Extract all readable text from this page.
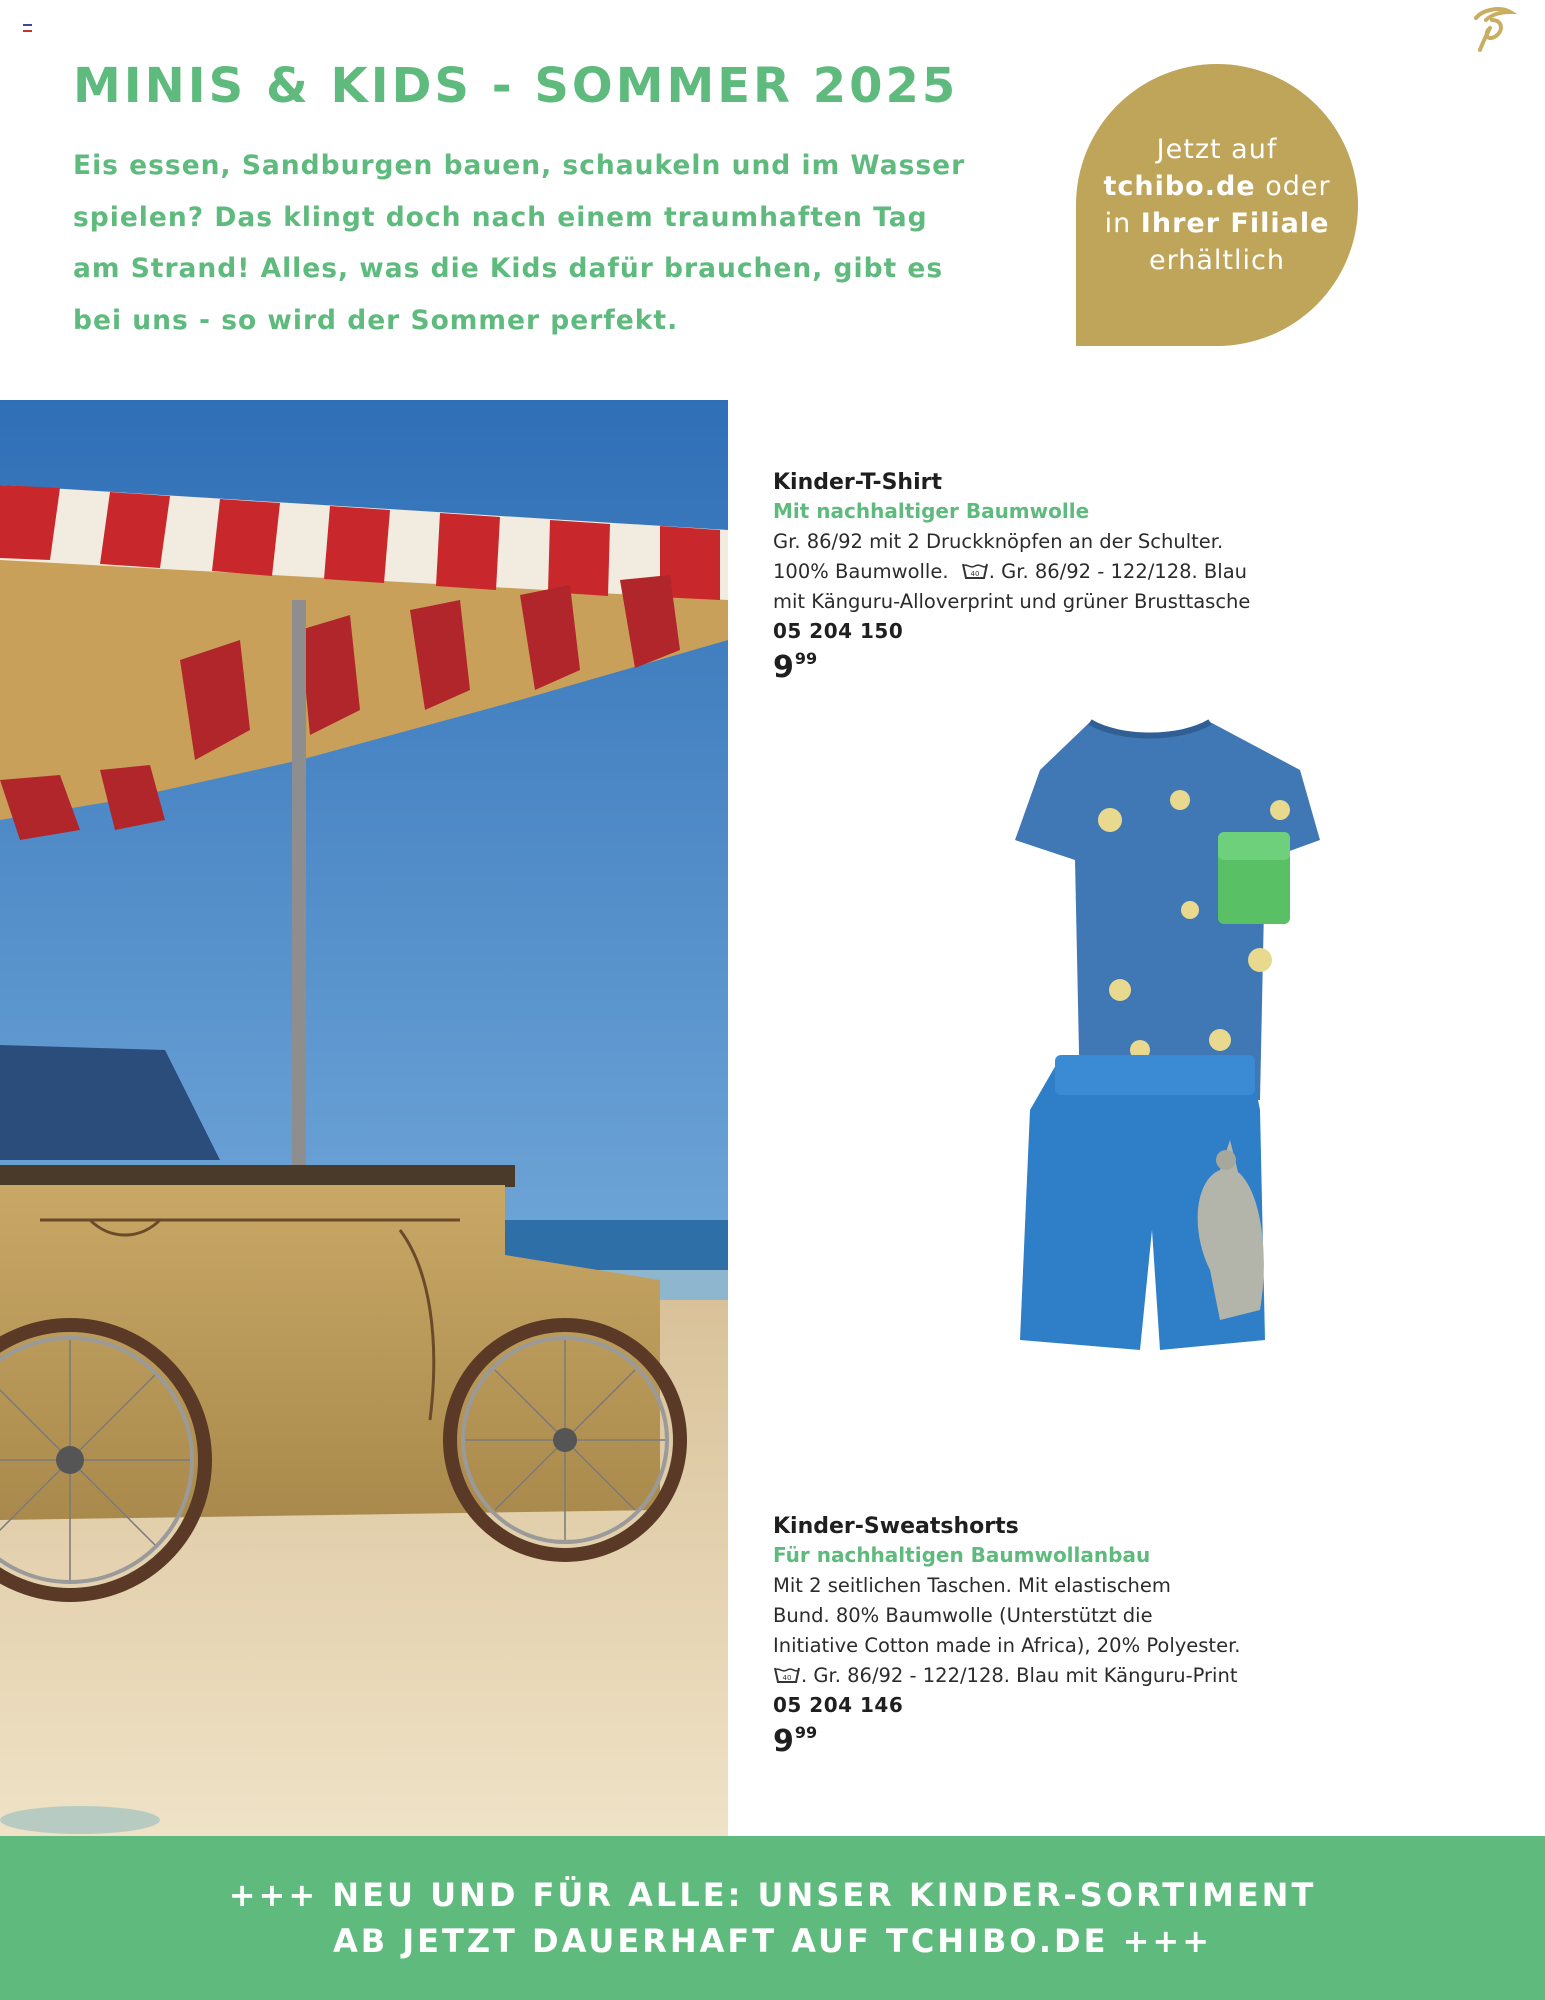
MINIS & KIDS - SOMMER 2025

Eis essen, Sandburgen bauen, schaukeln und im Wasser
spielen? Das klingt doch nach einem traumhaften Tag
am Strand! Alles, was die Kids dafür brauchen, gibt es
bei uns - so wird der Sommer perfekt.

Jetzt auf
tchibo.de oder
in Ihrer Filiale
erhältlich

Kinder-T-Shirt

Mit nachhaltiger Baumwolle

Gr. 86/92 mit 2 Druckknöpfen an der Schulter.
100% Baumwolle.	40 . Gr. 86/92 - 122/128. Blau
mit Känguru-Alloverprint und grüner Brusttasche

05 204 150

$9^{99}$

Kinder-Sweatshorts

Für nachhaltigen Baumwollanbau

Mit 2 seitlichen Taschen. Mit elastischem
Bund. 80% Baumwolle (Unterstützt die
Initiative Cotton made in Africa), 20% Polyester.

40 . Gr. 86/92 - 122/128. Blau mit Känguru-Print

05 204 146

$9^{99}$

+++ NEU UND FÜR ALLE: UNSER KINDER-SORTIMENT
AB JETZT DAUERHAFT AUF TCHIBO.DE +++
